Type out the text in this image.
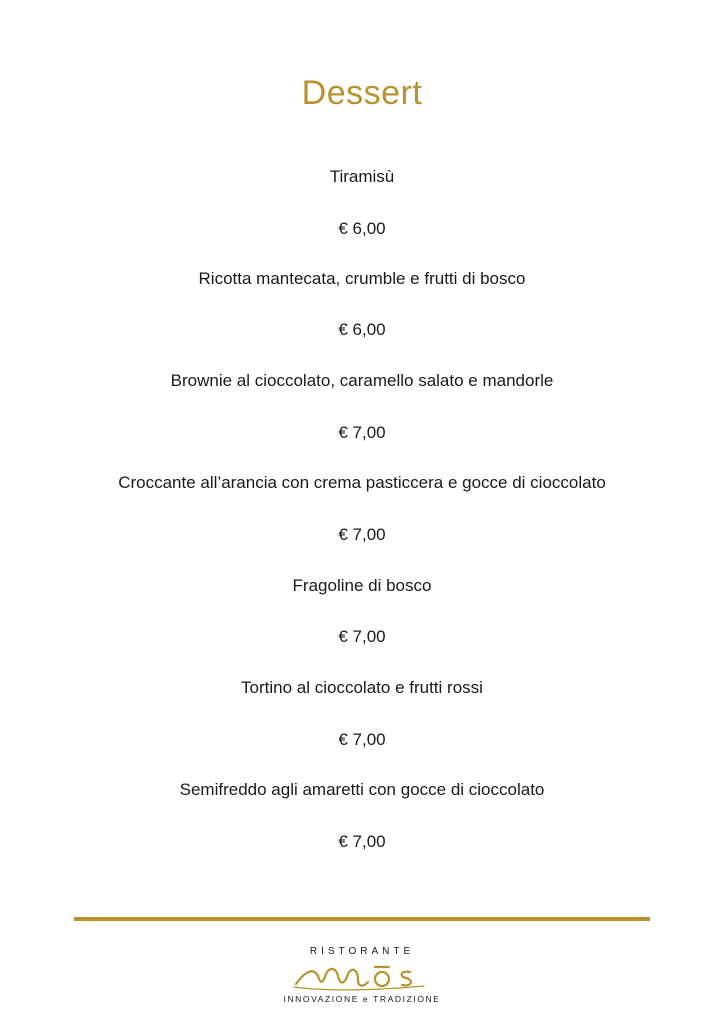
Dessert
Tiramisù
€ 6,00
Ricotta mantecata, crumble e frutti di bosco
€ 6,00
Brownie al cioccolato, caramello salato e mandorle
€ 7,00
Croccante all’arancia con crema pasticcera e gocce di cioccolato
€ 7,00
Fragoline di bosco
€ 7,00
Tortino al cioccolato e frutti rossi
€ 7,00
Semifreddo agli amaretti con gocce di cioccolato
€ 7,00
RISTORANTE
INNOVAZIONE e TRADIZIONE
